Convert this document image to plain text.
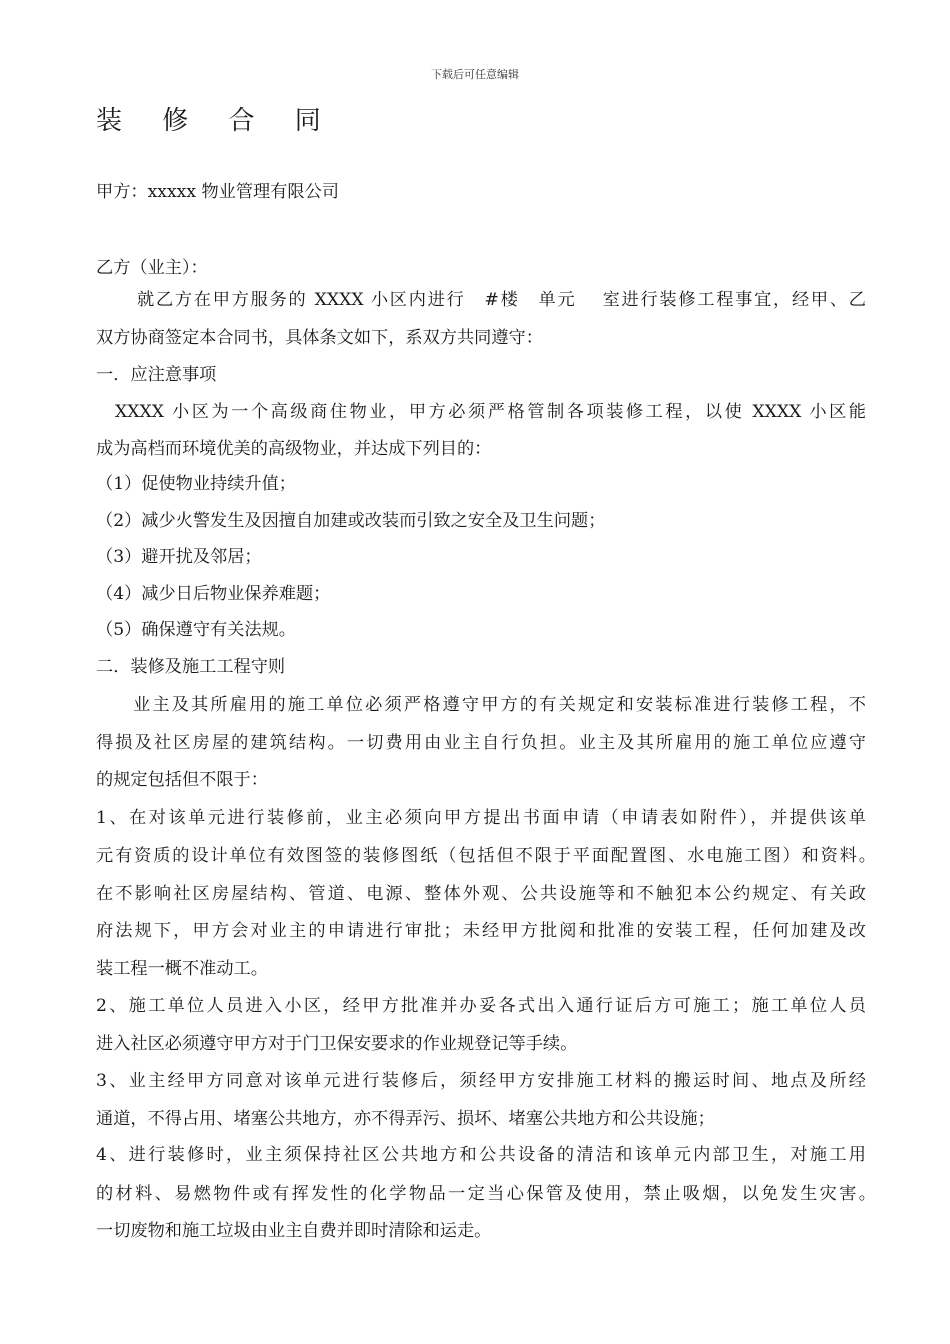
下载后可任意编辑
装 修 合 同
甲方：xxxxx 物业管理有限公司
乙方（业主）：
就乙方在甲方服务的 XXXX 小区内进行　#楼　单元　 室进行装修工程事宜，经甲、乙
双方协商签定本合同书，具体条文如下，系双方共同遵守：
一．应注意事项
XXXX 小区为一个高级商住物业，甲方必须严格管制各项装修工程，以使 XXXX 小区能
成为高档而环境优美的高级物业，并达成下列目的：
（1）促使物业持续升值；
（2）减少火警发生及因擅自加建或改装而引致之安全及卫生问题；
（3）避开扰及邻居；
（4）减少日后物业保养难题；
（5）确保遵守有关法规。
二．装修及施工工程守则
业主及其所雇用的施工单位必须严格遵守甲方的有关规定和安装标准进行装修工程，不
得损及社区房屋的建筑结构。一切费用由业主自行负担。业主及其所雇用的施工单位应遵守
的规定包括但不限于：
1、在对该单元进行装修前，业主必须向甲方提出书面申请（申请表如附件），并提供该单
元有资质的设计单位有效图签的装修图纸（包括但不限于平面配置图、水电施工图）和资料。
在不影响社区房屋结构、管道、电源、整体外观、公共设施等和不触犯本公约规定、有关政
府法规下，甲方会对业主的申请进行审批；未经甲方批阅和批准的安装工程，任何加建及改
装工程一概不准动工。
2、施工单位人员进入小区，经甲方批准并办妥各式出入通行证后方可施工；施工单位人员
进入社区必须遵守甲方对于门卫保安要求的作业规登记等手续。
3、业主经甲方同意对该单元进行装修后，须经甲方安排施工材料的搬运时间、地点及所经
通道，不得占用、堵塞公共地方，亦不得弄污、损坏、堵塞公共地方和公共设施；
4、进行装修时，业主须保持社区公共地方和公共设备的清洁和该单元内部卫生，对施工用
的材料、易燃物件或有挥发性的化学物品一定当心保管及使用，禁止吸烟，以免发生灾害。
一切废物和施工垃圾由业主自费并即时清除和运走。
